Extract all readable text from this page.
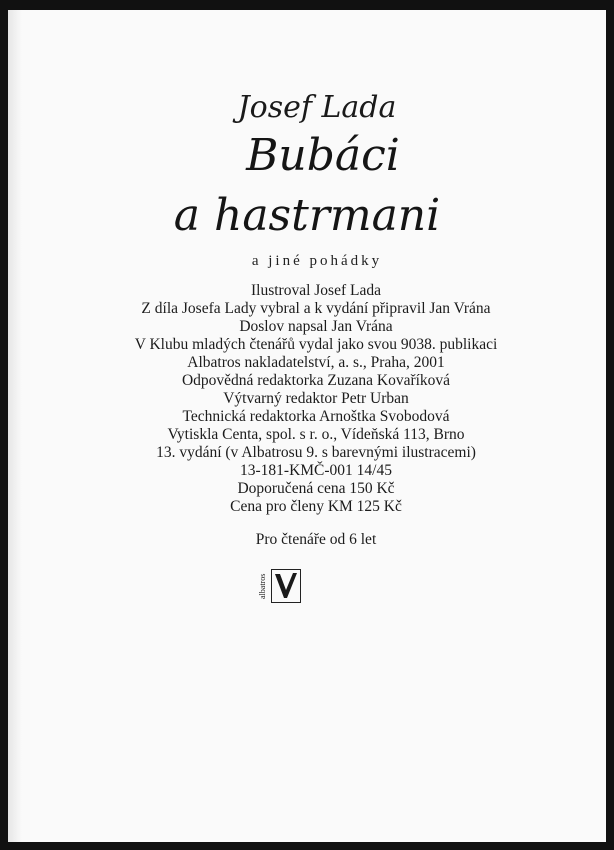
Josef Lada
Bubáci
a hastrmani
a jiné pohádky
Ilustroval Josef Lada
Z díla Josefa Lady vybral a k vydání připravil Jan Vrána
Doslov napsal Jan Vrána
V Klubu mladých čtenářů vydal jako svou 9038. publikaci
Albatros nakladatelství, a. s., Praha, 2001
Odpovědná redaktorka Zuzana Kovaříková
Výtvarný redaktor Petr Urban
Technická redaktorka Arnoštka Svobodová
Vytiskla Centa, spol. s r. o., Vídeňská 113, Brno
13. vydání (v Albatrosu 9. s barevnými ilustracemi)
13-181-KMČ-001 14/45
Doporučená cena 150 Kč
Cena pro členy KM 125 Kč
Pro čtenáře od 6 let
albatros
